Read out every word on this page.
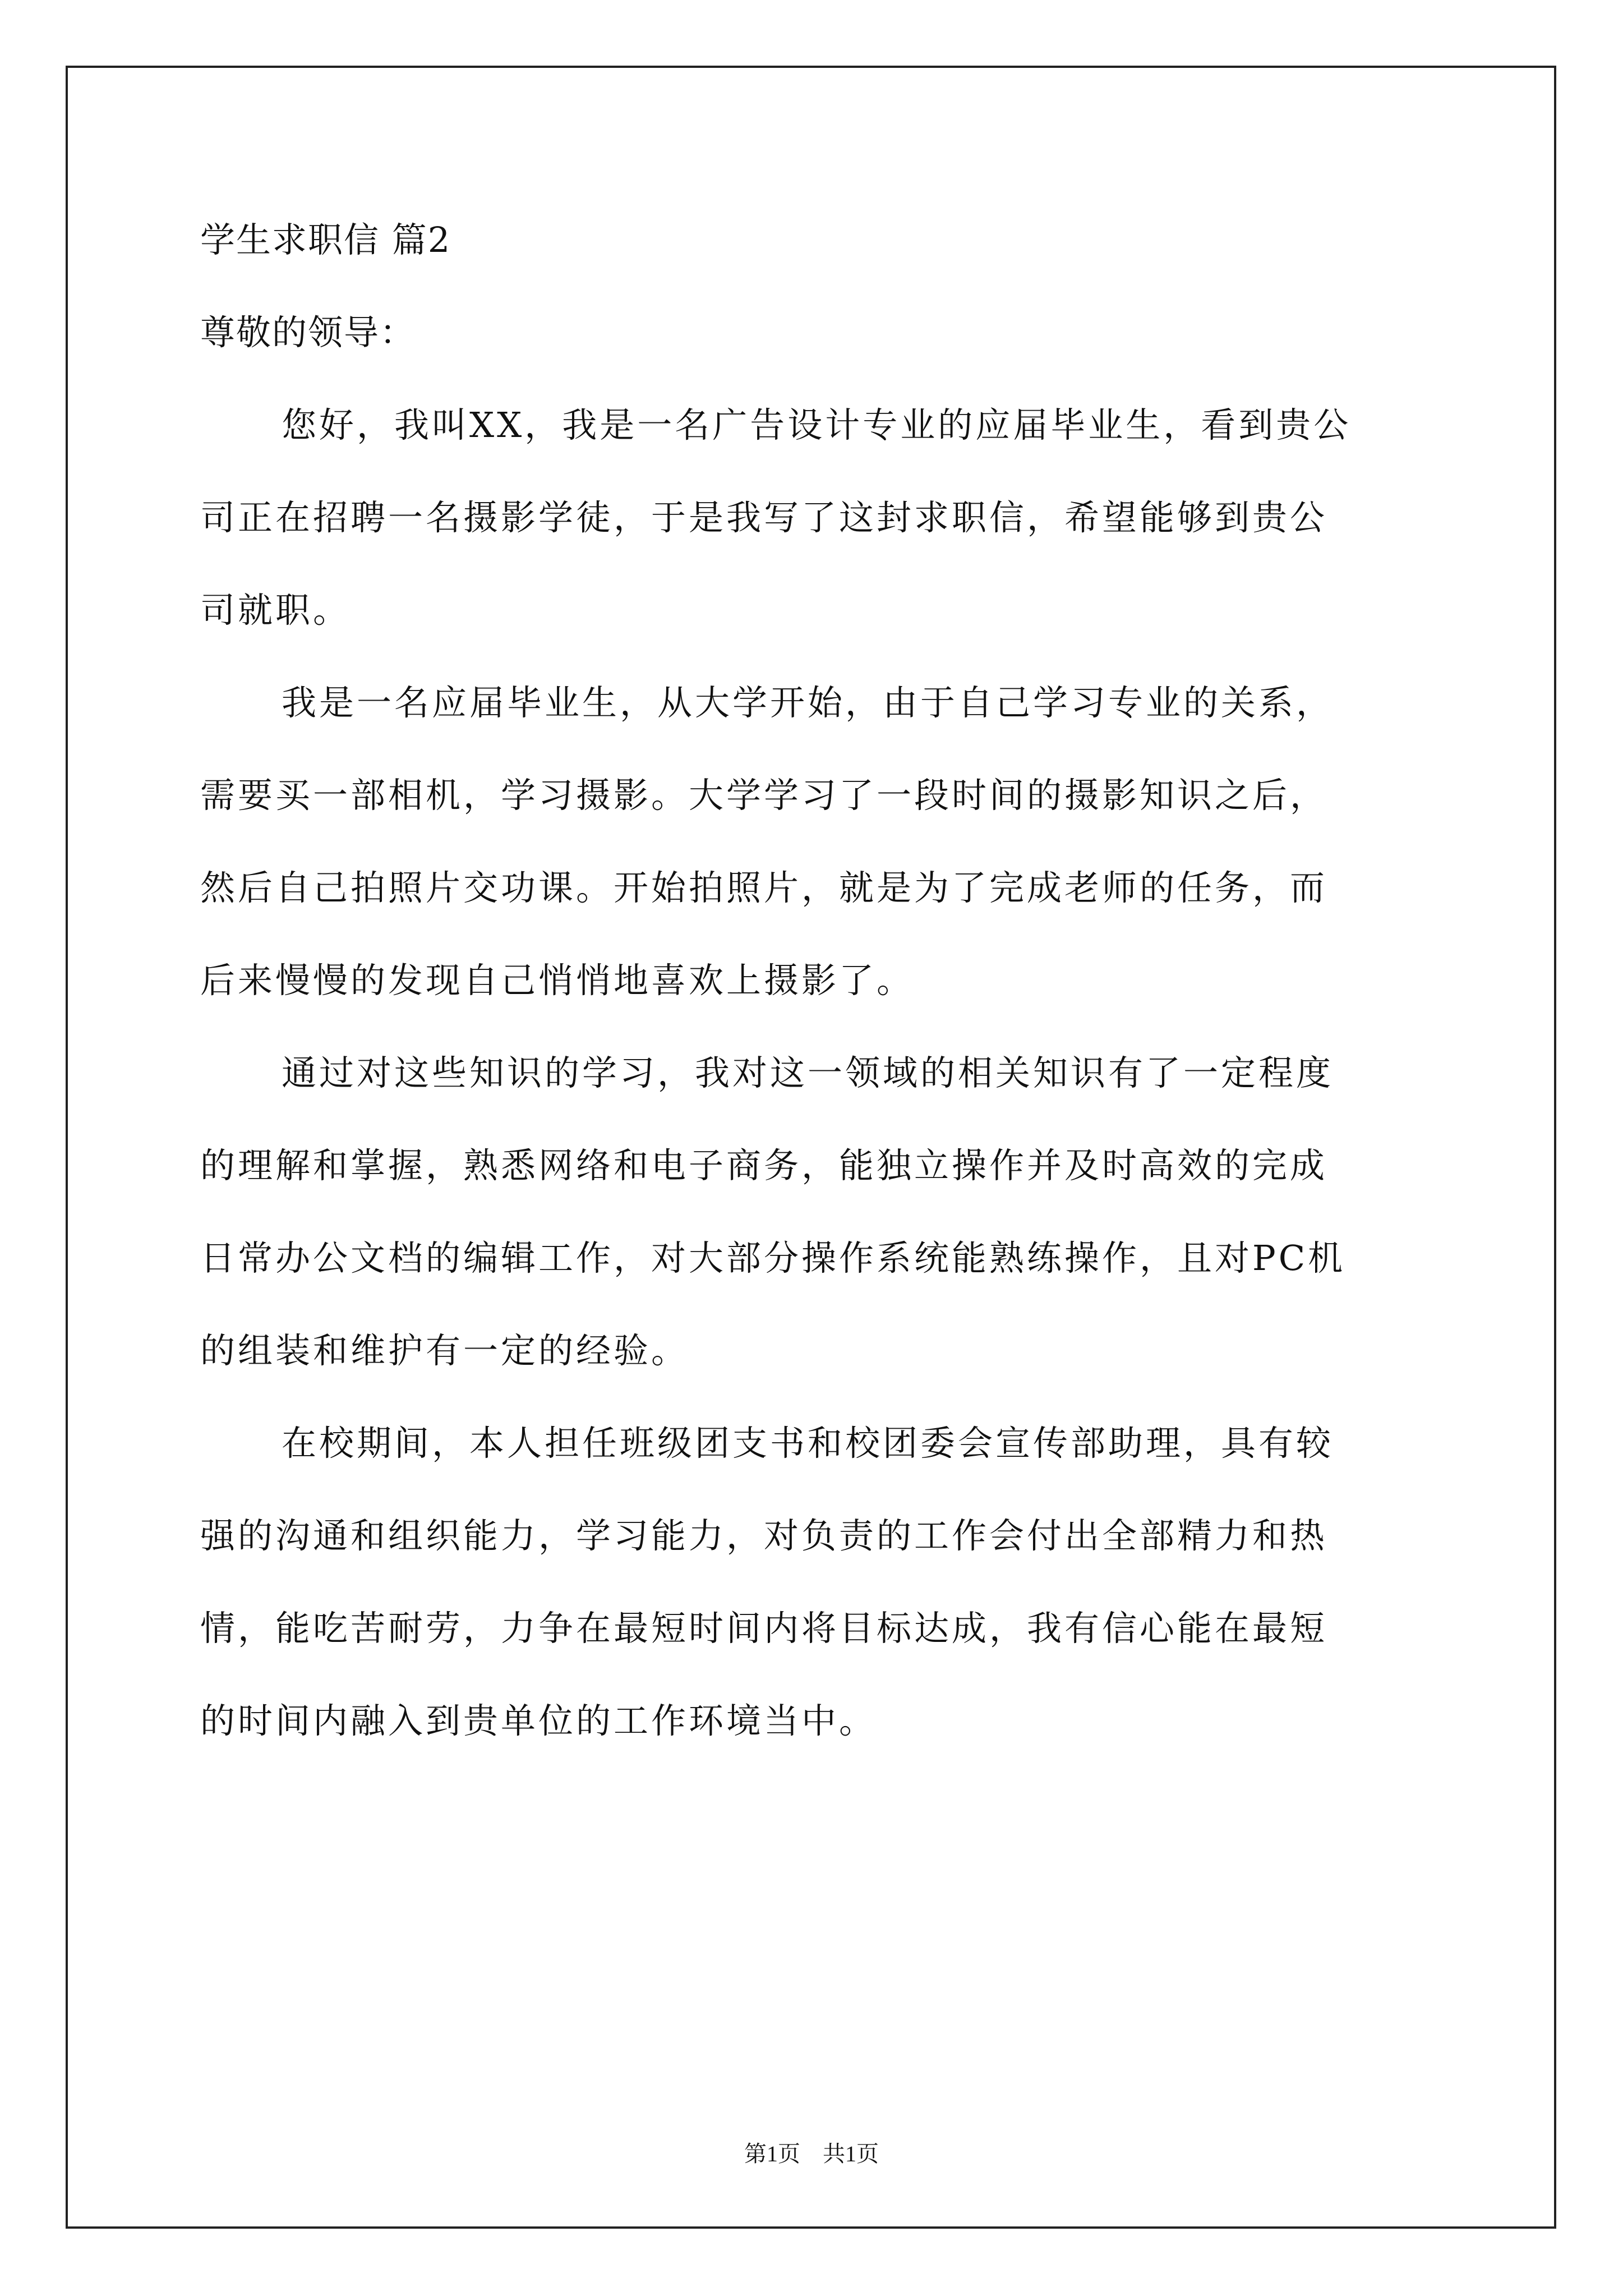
学生求职信 篇2
尊敬的领导：
您好，我叫XX，我是一名广告设计专业的应届毕业生，看到贵公
司正在招聘一名摄影学徒，于是我写了这封求职信，希望能够到贵公
司就职。
我是一名应届毕业生，从大学开始，由于自己学习专业的关系，
需要买一部相机，学习摄影。大学学习了一段时间的摄影知识之后，
然后自己拍照片交功课。开始拍照片，就是为了完成老师的任务，而
后来慢慢的发现自己悄悄地喜欢上摄影了。
通过对这些知识的学习，我对这一领域的相关知识有了一定程度
的理解和掌握，熟悉网络和电子商务，能独立操作并及时高效的完成
日常办公文档的编辑工作，对大部分操作系统能熟练操作，且对PC机
的组装和维护有一定的经验。
在校期间，本人担任班级团支书和校团委会宣传部助理，具有较
强的沟通和组织能力，学习能力，对负责的工作会付出全部精力和热
情，能吃苦耐劳，力争在最短时间内将目标达成，我有信心能在最短
的时间内融入到贵单位的工作环境当中。
第1页　共1页
